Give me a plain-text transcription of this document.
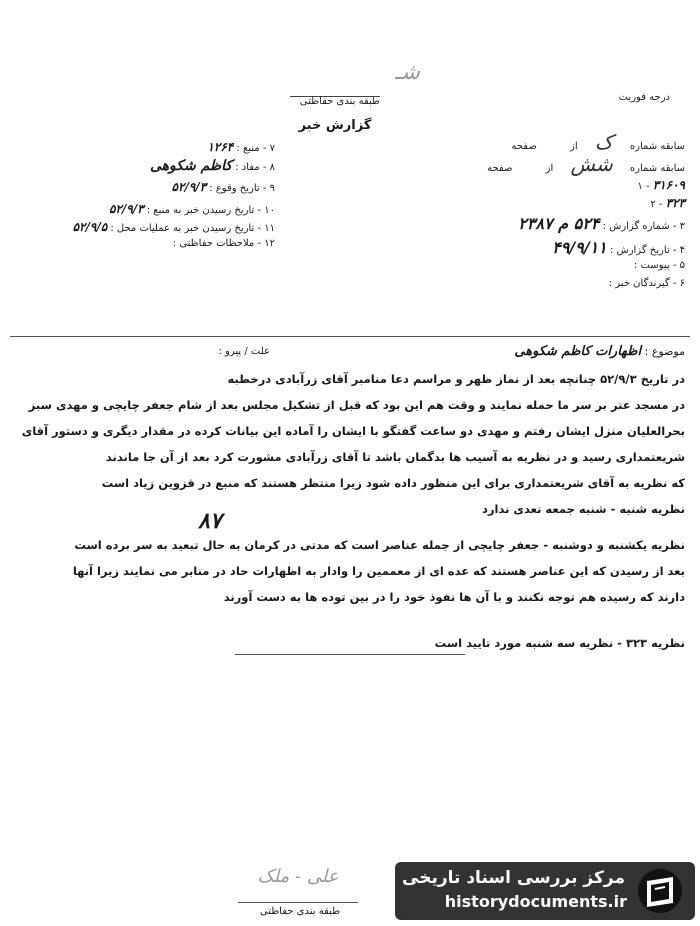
شـ
طبقه بندی حفاظتی	درجه فوریت
گزارش خبر
۷ - منبع : ۱۲۶۴
۸ - مفاد : کاظم شکوهی
۹ - تاریخ وقوع : ۵۲/۹/۳
۱۰ - تاریخ رسیدن خبر به منبع : ۵۲/۹/۳
۱۱ - تاریخ رسیدن خبر به عملیات محل : ۵۲/۹/۵
۱۲ - ملاحظات حفاظتی :
سابقه شماره ک از صفحه
سابقه شماره شش از صفحه
۱ - ۳۱۶۰۹
۲ - ۳۲۳
۳ - شماره گزارش : ۵۲۴ م ۲۳۸۷
۴ - تاریخ گزارش : ۴۹/۹/۱۱
۵ - پیوست :
۶ - گیرندگان خبر :
موضوع : اظهارات کاظم شکوهی
علت / پیرو :
در تاریخ ۵۲/۹/۳ چنانچه بعد از نماز ظهر و مراسم دعا منامبر آقای زرآبادی درخطبه
در مسجد عتر بر سر ما حمله نمایند و وقت هم این بود که قبل از تشکیل مجلس بعد از شام جعفر چایچی و مهدی سبز
بحرالعلیان منزل ایشان رفتم و مهدی دو ساعت گفتگو با ایشان را آماده این بیانات کرده در مقدار دیگری و دستور آقای
شریعتمداری رسید و در نظریه به آسیب ها بدگمان باشد تا آقای زرآبادی مشورت کرد بعد از آن جا ماندند
که نظریه به آقای شریعتمداری برای این منظور داده شود زیرا منتظر هستند که منبع در قزوین زیاد است
نظریه شنبه - شنبه جمعه تعدی ندارد
نظریه یکشنبه و دوشنبه - جعفر چایچی از جمله عناصر است که مدتی در کرمان به حال تبعید به سر برده است
بعد از رسیدن که این عناصر هستند که عده ای از معممین را وادار به اظهارات حاد در منابر می نمایند زیرا آنها
دارند که رسیده هم توجه نکنند و با آن ها نفوذ خود را در بین توده ها به دست آورند
۸۷
نظریه ۳۲۳ - نظریه سه شنبه مورد تایید است
علی - ملک
طبقه بندی حفاظتی
مرکز بررسی اسناد تاریخی
historydocuments.ir
